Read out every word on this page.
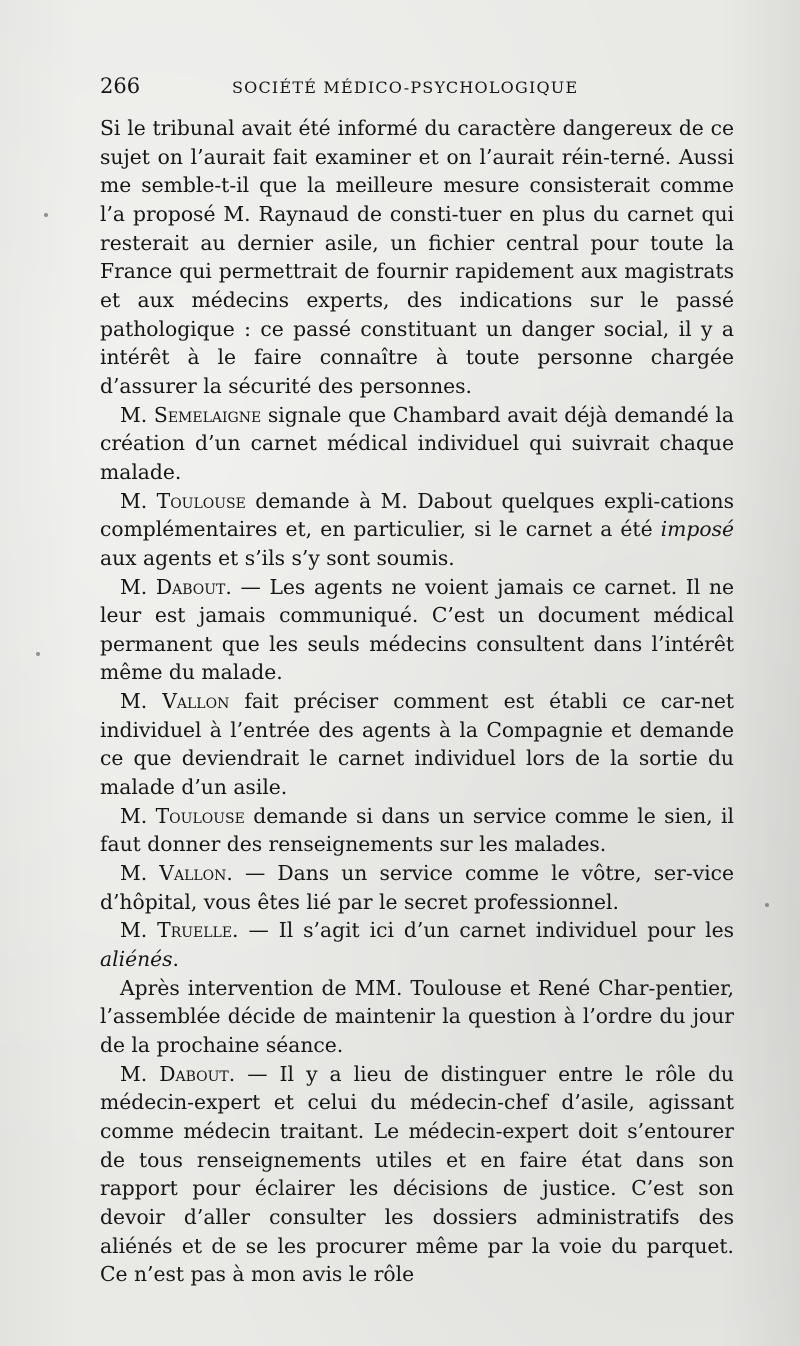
266	SOCIÉTÉ MÉDICO-PSYCHOLOGIQUE

Si le tribunal avait été informé du caractère dangereux de ce sujet on l’aurait fait examiner et on l’aurait réin-terné. Aussi me semble-t-il que la meilleure mesure consisterait comme l’a proposé M. Raynaud de consti-tuer en plus du carnet qui resterait au dernier asile, un fichier central pour toute la France qui permettrait de fournir rapidement aux magistrats et aux médecins experts, des indications sur le passé pathologique : ce passé constituant un danger social, il y a intérêt à le faire connaître à toute personne chargée d’assurer la sécurité des personnes.

M. Semelaigne signale que Chambard avait déjà demandé la création d’un carnet médical individuel qui suivrait chaque malade.

M. Toulouse demande à M. Dabout quelques expli-cations complémentaires et, en particulier, si le carnet a été imposé aux agents et s’ils s’y sont soumis.

M. Dabout. — Les agents ne voient jamais ce carnet. Il ne leur est jamais communiqué. C’est un document médical permanent que les seuls médecins consultent dans l’intérêt même du malade.

M. Vallon fait préciser comment est établi ce car-net individuel à l’entrée des agents à la Compagnie et demande ce que deviendrait le carnet individuel lors de la sortie du malade d’un asile.

M. Toulouse demande si dans un service comme le sien, il faut donner des renseignements sur les malades.

M. Vallon. — Dans un service comme le vôtre, ser-vice d’hôpital, vous êtes lié par le secret professionnel.

M. Truelle. — Il s’agit ici d’un carnet individuel pour les aliénés.

Après intervention de MM. Toulouse et René Char-pentier, l’assemblée décide de maintenir la question à l’ordre du jour de la prochaine séance.

M. Dabout. — Il y a lieu de distinguer entre le rôle du médecin-expert et celui du médecin-chef d’asile, agissant comme médecin traitant. Le médecin-expert doit s’entourer de tous renseignements utiles et en faire état dans son rapport pour éclairer les décisions de justice. C’est son devoir d’aller consulter les dossiers administratifs des aliénés et de se les procurer même par la voie du parquet. Ce n’est pas à mon avis le rôle
